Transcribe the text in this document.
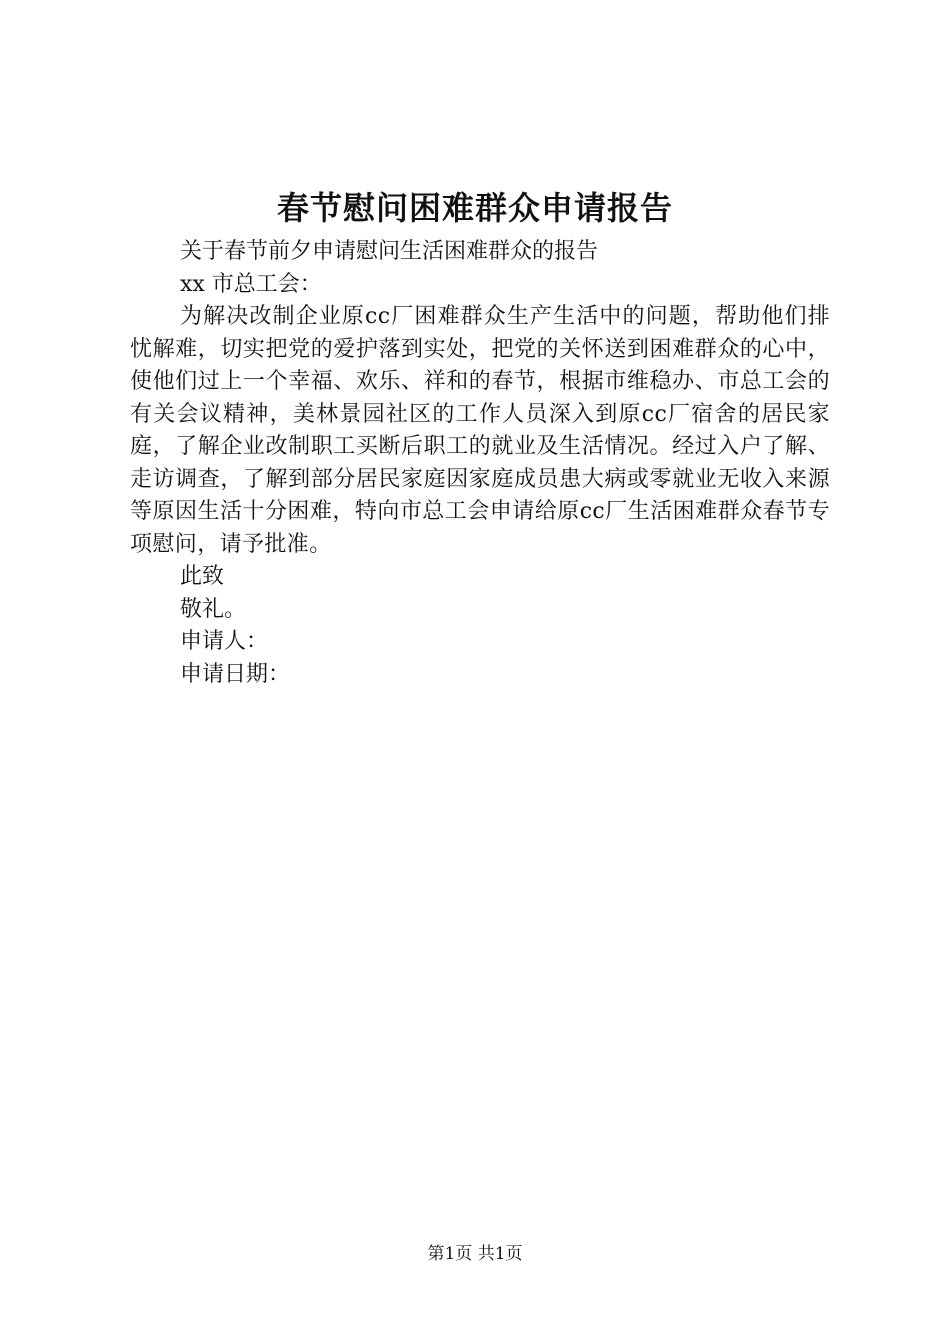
春节慰问困难群众申请报告

关于春节前夕申请慰问生活困难群众的报告

xx 市总工会：

为解决改制企业原cc厂困难群众生产生活中的问题，帮助他们排忧解难，切实把党的爱护落到实处，把党的关怀送到困难群众的心中，使他们过上一个幸福、欢乐、祥和的春节，根据市维稳办、市总工会的有关会议精神，美林景园社区的工作人员深入到原cc厂宿舍的居民家庭，了解企业改制职工买断后职工的就业及生活情况。经过入户了解、走访调查，了解到部分居民家庭因家庭成员患大病或零就业无收入来源等原因生活十分困难，特向市总工会申请给原cc厂生活困难群众春节专项慰问，请予批准。

此致

敬礼。

申请人：

申请日期：

第1页 共1页
